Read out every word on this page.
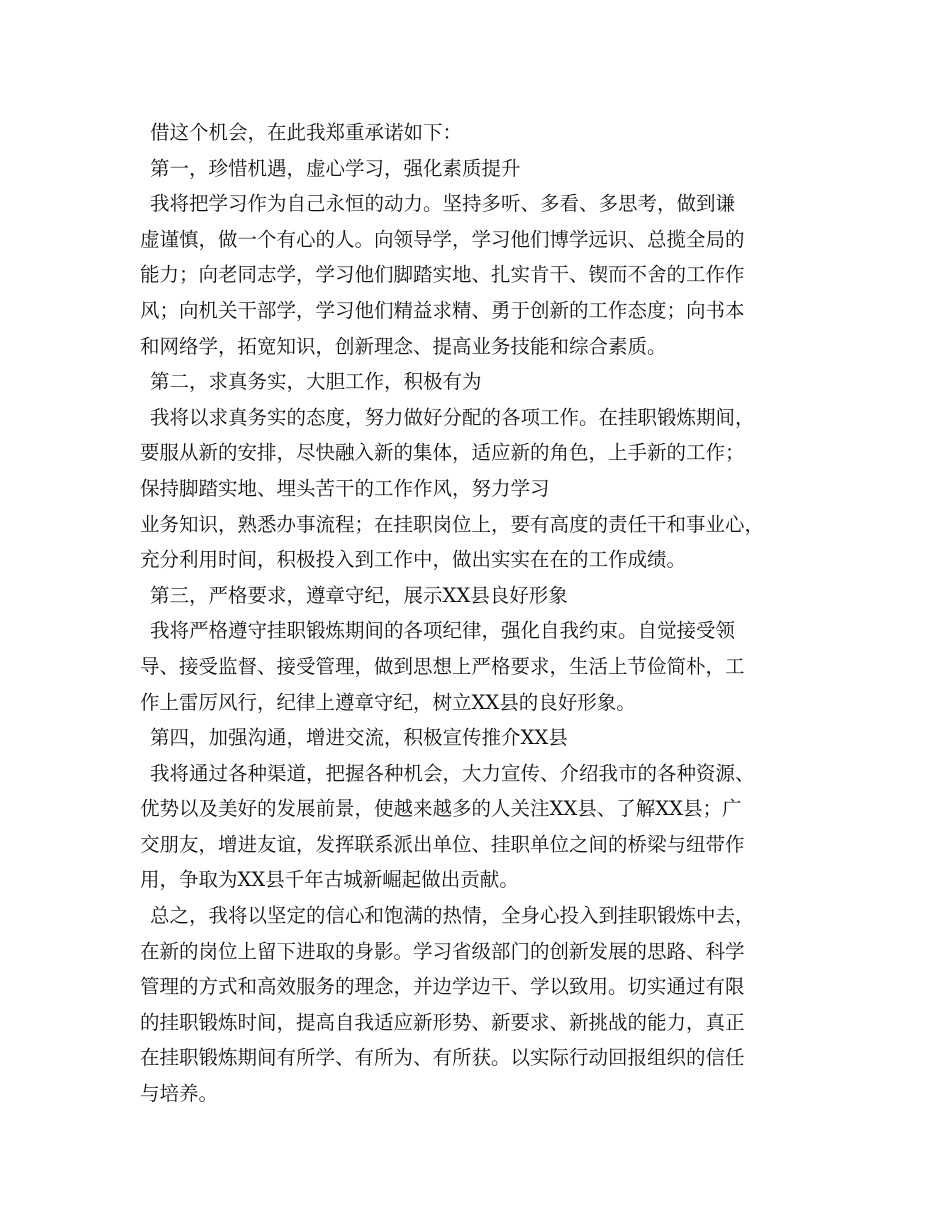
借这个机会，在此我郑重承诺如下：
第一，珍惜机遇，虚心学习，强化素质提升
我将把学习作为自己永恒的动力。坚持多听、多看、多思考，做到谦
虚谨慎，做一个有心的人。向领导学，学习他们博学远识、总揽全局的
能力；向老同志学，学习他们脚踏实地、扎实肯干、锲而不舍的工作作
风；向机关干部学，学习他们精益求精、勇于创新的工作态度；向书本
和网络学，拓宽知识，创新理念、提高业务技能和综合素质。
第二，求真务实，大胆工作，积极有为
我将以求真务实的态度，努力做好分配的各项工作。在挂职锻炼期间，
要服从新的安排，尽快融入新的集体，适应新的角色，上手新的工作；
保持脚踏实地、埋头苦干的工作作风，努力学习
业务知识，熟悉办事流程；在挂职岗位上，要有高度的责任干和事业心，
充分利用时间，积极投入到工作中，做出实实在在的工作成绩。
第三，严格要求，遵章守纪，展示XX县良好形象
我将严格遵守挂职锻炼期间的各项纪律，强化自我约束。自觉接受领
导、接受监督、接受管理，做到思想上严格要求，生活上节俭简朴，工
作上雷厉风行，纪律上遵章守纪，树立XX县的良好形象。
第四，加强沟通，增进交流，积极宣传推介XX县
我将通过各种渠道，把握各种机会，大力宣传、介绍我市的各种资源、
优势以及美好的发展前景，使越来越多的人关注XX县、了解XX县；广
交朋友，增进友谊，发挥联系派出单位、挂职单位之间的桥梁与纽带作
用，争取为XX县千年古城新崛起做出贡献。
总之，我将以坚定的信心和饱满的热情，全身心投入到挂职锻炼中去，
在新的岗位上留下进取的身影。学习省级部门的创新发展的思路、科学
管理的方式和高效服务的理念，并边学边干、学以致用。切实通过有限
的挂职锻炼时间，提高自我适应新形势、新要求、新挑战的能力，真正
在挂职锻炼期间有所学、有所为、有所获。以实际行动回报组织的信任
与培养。
